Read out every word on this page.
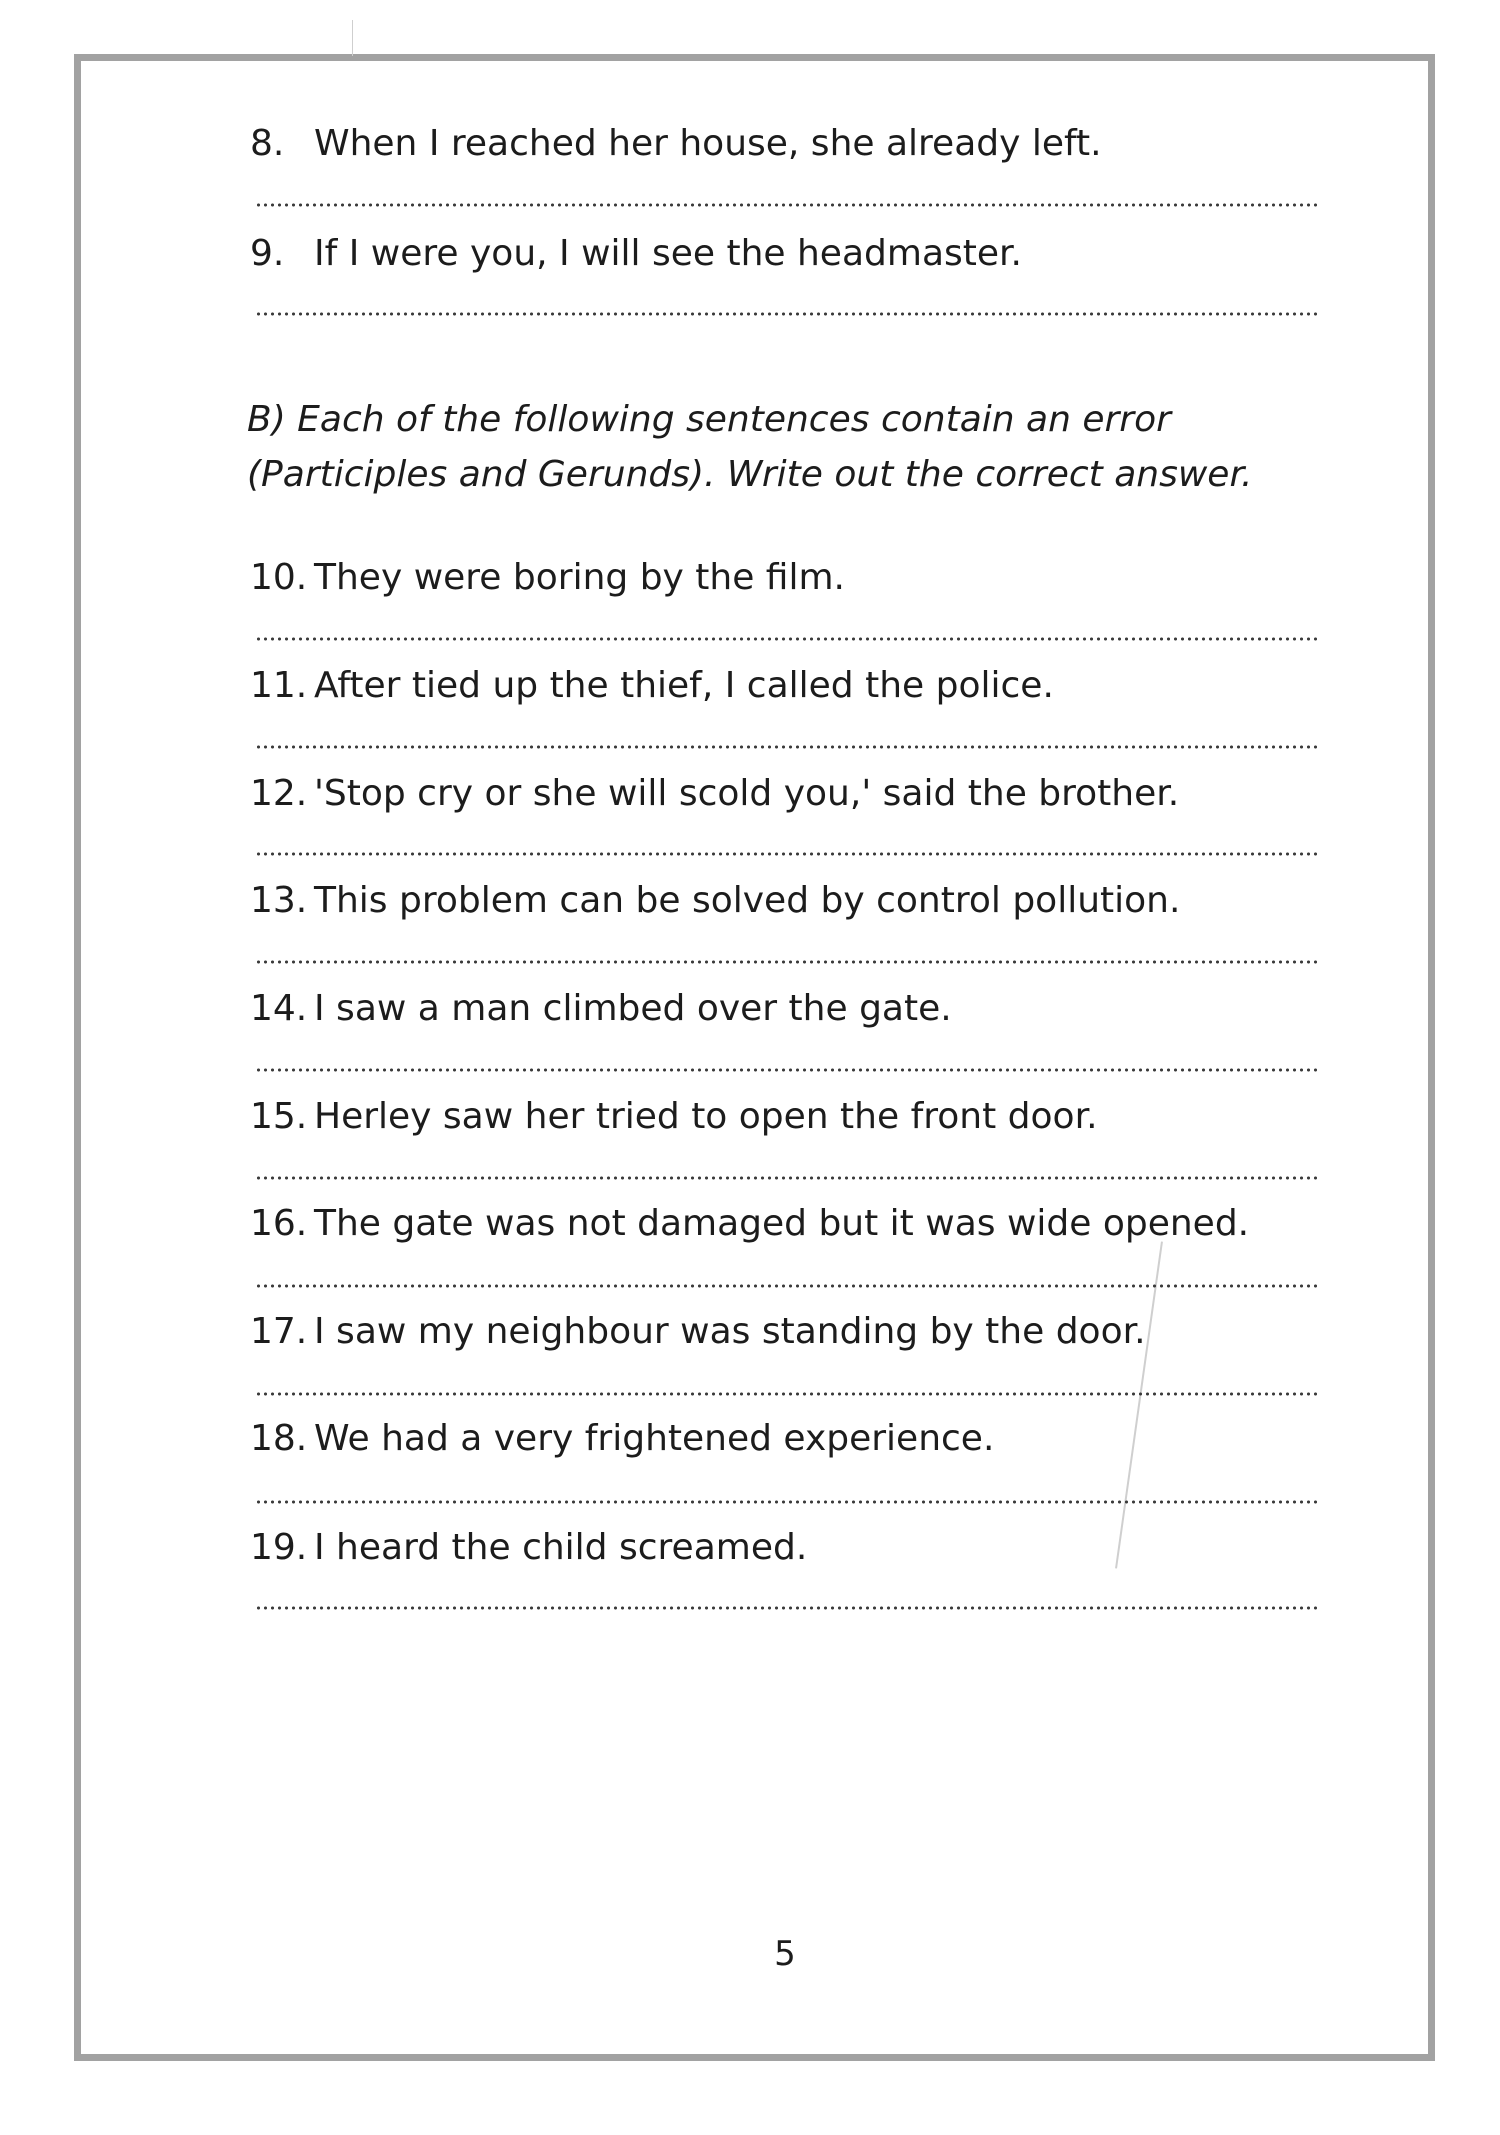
8. When I reached her house, she already left.
9. If I were you, I will see the headmaster.
B) Each of the following sentences contain an error
(Participles and Gerunds). Write out the correct answer.
10. They were boring by the film.
11. After tied up the thief, I called the police.
12. 'Stop cry or she will scold you,' said the brother.
13. This problem can be solved by control pollution.
14. I saw a man climbed over the gate.
15. Herley saw her tried to open the front door.
16. The gate was not damaged but it was wide opened.
17. I saw my neighbour was standing by the door.
18. We had a very frightened experience.
19. I heard the child screamed.
5
